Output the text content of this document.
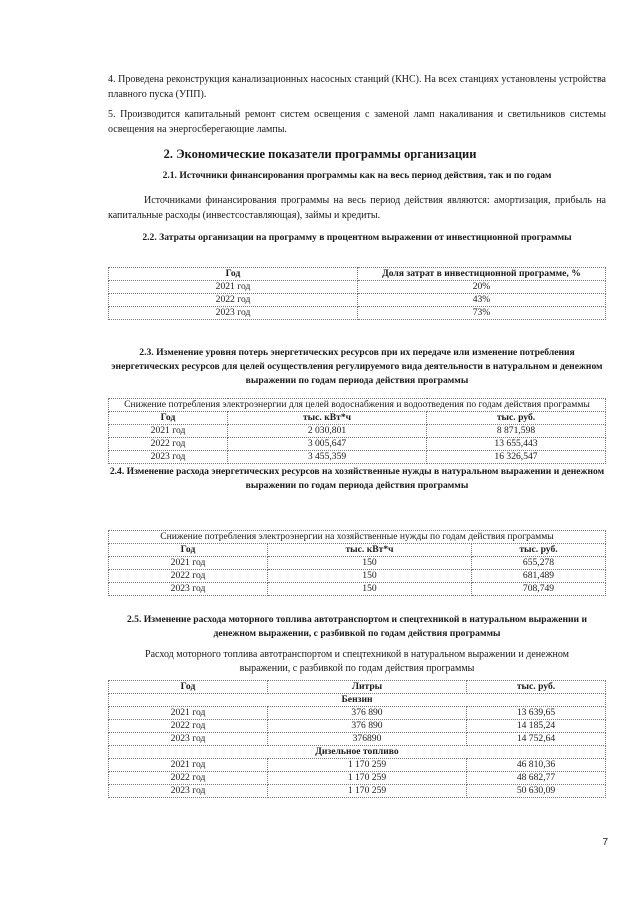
4. Проведена реконструкция канализационных насосных станций (КНС). На всех станциях установлены устройства плавного пуска (УПП).

5. Производится капитальный ремонт систем освещения с заменой ламп накаливания и светильников системы освещения на энергосберегающие лампы.

2. Экономические показатели программы организации
2.1. Источники финансирования программы как на весь период действия, так и по годам

Источниками финансирования программы на весь период действия являются: амортизация, прибыль на капитальные расходы (инвестсоставляющая), займы и кредиты.

2.2. Затраты организации на программу в процентном выражении от инвестиционной программы
Год	Доля затрат в инвестиционной программе, %
2021 год	20%
2022 год	43%
2023 год	73%
2.3. Изменение уровня потерь энергетических ресурсов при их передаче или изменение потребления энергетических ресурсов для целей осуществления регулируемого вида деятельности в натуральном и денежном выражении по годам периода действия программы
Снижение потребления электроэнергии для целей водоснабжения и водоотведения по годам действия программы		
Год	тыс. кВт*ч	тыс. руб.
2021 год	2 030,801	8 871,598
2022 год	3 005,647	13 655,443
2023 год	3 455,359	16 326,547
2.4. Изменение расхода энергетических ресурсов на хозяйственные нужды в натуральном выражении и денежном выражении по годам периода действия программы
Снижение потребления электроэнергии на хозяйственные нужды по годам действия программы		
Год	тыс. кВт*ч	тыс. руб.
2021 год	150	655,278
2022 год	150	681,489
2023 год	150	708,749
2.5. Изменение расхода моторного топлива автотранспортом и спецтехникой в натуральном выражении и денежном выражении, с разбивкой по годам действия программы

Расход моторного топлива автотранспортом и спецтехникой в натуральном выражении и денежном выражении, с разбивкой по годам действия программы

Год	Литры	тыс. руб.
Бензин		
2021 год	376 890	13 639,65
2022 год	376 890	14 185,24
2023 год	376890	14 752,64
Дизельное топливо		
2021 год	1 170 259	46 810,36
2022 год	1 170 259	48 682,77
2023 год	1 170 259	50 630,09
7
